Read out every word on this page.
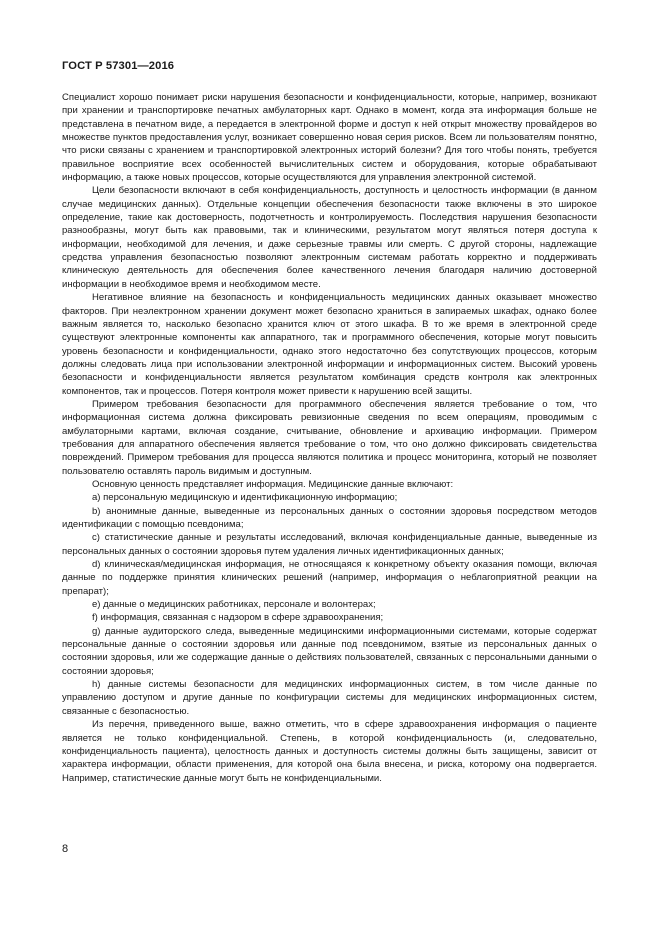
ГОСТ Р 57301—2016

Специалист хорошо понимает риски нарушения безопасности и конфиденциальности, которые, например, возникают при хранении и транспортировке печатных амбулаторных карт. Однако в момент, когда эта информация больше не представлена в печатном виде, а передается в электронной форме и доступ к ней открыт множеству провайдеров во множестве пунктов предоставления услуг, возникает совершенно новая серия рисков. Всем ли пользователям понятно, что риски связаны с хранением и транспортировкой электронных историй болезни? Для того чтобы понять, требуется правильное восприятие всех особенностей вычислительных систем и оборудования, которые обрабатывают информацию, а также новых процессов, которые осуществляются для управления электронной системой.

Цели безопасности включают в себя конфиденциальность, доступность и целостность информации (в данном случае медицинских данных). Отдельные концепции обеспечения безопасности также включены в это широкое определение, такие как достоверность, подотчетность и контролируемость. Последствия нарушения безопасности разнообразны, могут быть как правовыми, так и клиническими, результатом могут являться потеря доступа к информации, необходимой для лечения, и даже серьезные травмы или смерть. С другой стороны, надлежащие средства управления безопасностью позволяют электронным системам работать корректно и поддерживать клиническую деятельность для обеспечения более качественного лечения благодаря наличию достоверной информации в необходимое время и необходимом месте.

Негативное влияние на безопасность и конфиденциальность медицинских данных оказывает множество факторов. При неэлектронном хранении документ может безопасно храниться в запираемых шкафах, однако более важным является то, насколько безопасно хранится ключ от этого шкафа. В то же время в электронной среде существуют электронные компоненты как аппаратного, так и программного обеспечения, которые могут повысить уровень безопасности и конфиденциальности, однако этого недостаточно без сопутствующих процессов, которым должны следовать лица при использовании электронной информации и информационных систем. Высокий уровень безопасности и конфиденциальности является результатом комбинация средств контроля как электронных компонентов, так и процессов. Потеря контроля может привести к нарушению всей защиты.

Примером требования безопасности для программного обеспечения является требование о том, что информационная система должна фиксировать ревизионные сведения по всем операциям, проводимым с амбулаторными картами, включая создание, считывание, обновление и архивацию информации. Примером требования для аппаратного обеспечения является требование о том, что оно должно фиксировать свидетельства повреждений. Примером требования для процесса являются политика и процесс мониторинга, который не позволяет пользователю оставлять пароль видимым и доступным.

Основную ценность представляет информация. Медицинские данные включают:

a) персональную медицинскую и идентификационную информацию;

b) анонимные данные, выведенные из персональных данных о состоянии здоровья посредством методов идентификации с помощью псевдонима;

c) статистические данные и результаты исследований, включая конфиденциальные данные, выведенные из персональных данных о состоянии здоровья путем удаления личных идентификационных данных;

d) клиническая/медицинская информация, не относящаяся к конкретному объекту оказания помощи, включая данные по поддержке принятия клинических решений (например, информация о неблагоприятной реакции на препарат);

e) данные о медицинских работниках, персонале и волонтерах;

f) информация, связанная с надзором в сфере здравоохранения;

g) данные аудиторского следа, выведенные медицинскими информационными системами, которые содержат персональные данные о состоянии здоровья или данные под псевдонимом, взятые из персональных данных о состоянии здоровья, или же содержащие данные о действиях пользователей, связанных с персональными данными о состоянии здоровья;

h) данные системы безопасности для медицинских информационных систем, в том числе данные по управлению доступом и другие данные по конфигурации системы для медицинских информационных систем, связанные с безопасностью.

Из перечня, приведенного выше, важно отметить, что в сфере здравоохранения информация о пациенте является не только конфиденциальной. Степень, в которой конфиденциальность (и, следовательно, конфиденциальность пациента), целостность данных и доступность системы должны быть защищены, зависит от характера информации, области применения, для которой она была внесена, и риска, которому она подвергается. Например, статистические данные могут быть не конфиденциальными.

8
